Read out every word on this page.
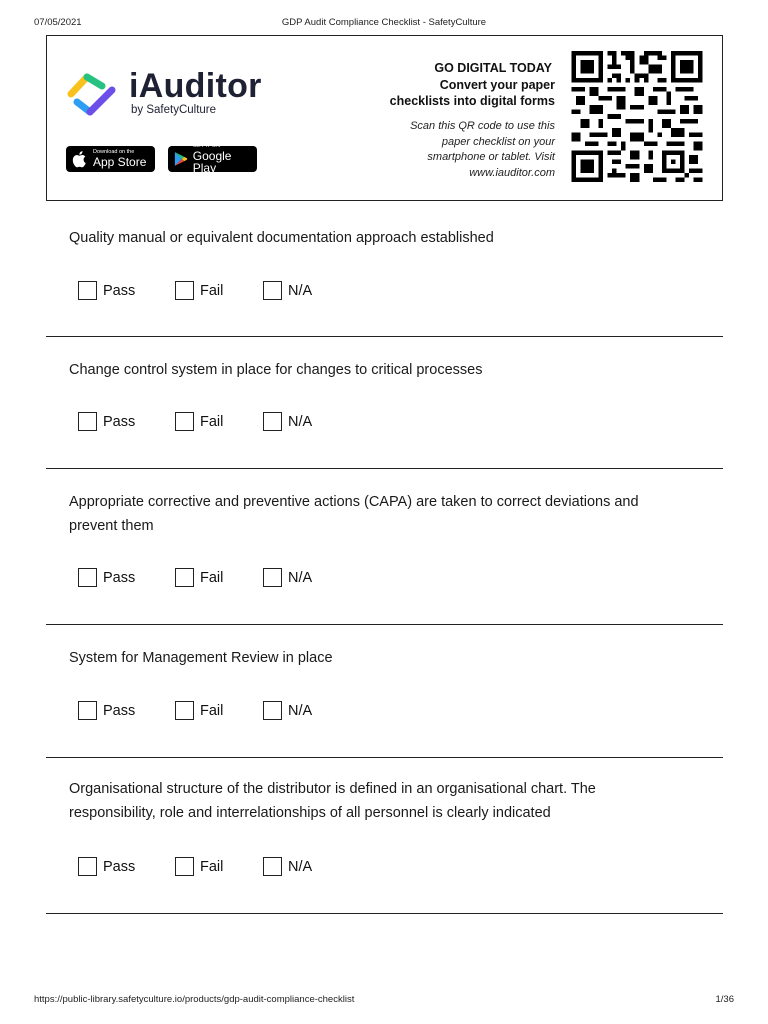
07/05/2021	GDP Audit Compliance Checklist - SafetyCulture
iAuditor
by SafetyCulture
Download on the
App Store
GET IT ON
Google Play
GO DIGITAL TODAY
Convert your paper
checklists into digital forms
Scan this QR code to use this
paper checklist on your
smartphone or tablet. Visit
www.iauditor.com
Quality manual or equivalent documentation approach established
Pass	Fail	N/A
Change control system in place for changes to critical processes
Pass	Fail	N/A
Appropriate corrective and preventive actions (CAPA) are taken to correct deviations and
prevent them
Pass	Fail	N/A
System for Management Review in place
Pass	Fail	N/A
Organisational structure of the distributor is defined in an organisational chart. The
responsibility, role and interrelationships of all personnel is clearly indicated
Pass	Fail	N/A
https://public-library.safetyculture.io/products/gdp-audit-compliance-checklist	1/36
